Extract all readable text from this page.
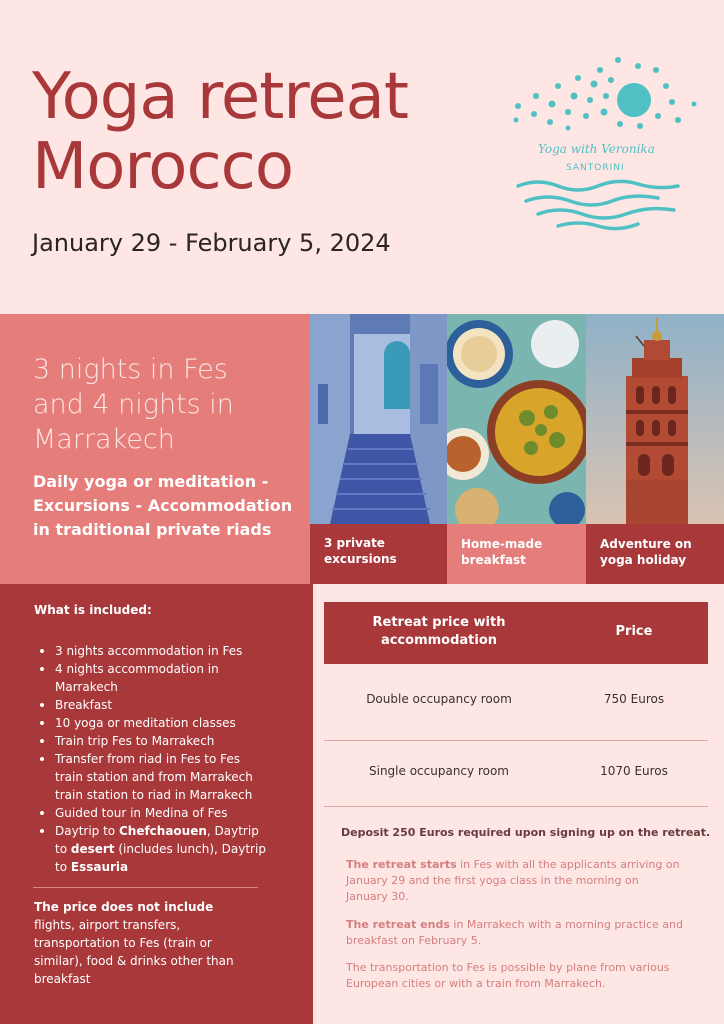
Yoga retreat
Morocco
January 29 - February 5, 2024
Yoga with Veronika
SANTORINI
3 nights in Fes
and 4 nights in
Marrakech
Daily yoga or meditation -
Excursions - Accommodation
in traditional private riads
3 private
excursions
Home-made
breakfast
Adventure on
yoga holiday
What is included:
3 nights accommodation in Fes
4 nights accommodation in
Marrakech
Breakfast
10 yoga or meditation classes
Train trip Fes to Marrakech
Transfer from riad in Fes to Fes
train station and from Marrakech
train station to riad in Marrakech
Guided tour in Medina of Fes
Daytrip to Chefchaouen, Daytrip
to desert (includes lunch), Daytrip
to Essauria
The price does not include
flights, airport transfers,
transportation to Fes (train or
similar), food & drinks other than
breakfast
Retreat price with accommodation
Price
Double occupancy room	750 Euros
Single occupancy room	1070 Euros
Deposit 250 Euros required upon signing up on the retreat.
The retreat starts in Fes with all the applicants arriving on
January 29 and the first yoga class in the morning on
January 30.
The retreat ends in Marrakech with a morning practice and
breakfast on February 5.
The transportation to Fes is possible by plane from various
European cities or with a train from Marrakech.
